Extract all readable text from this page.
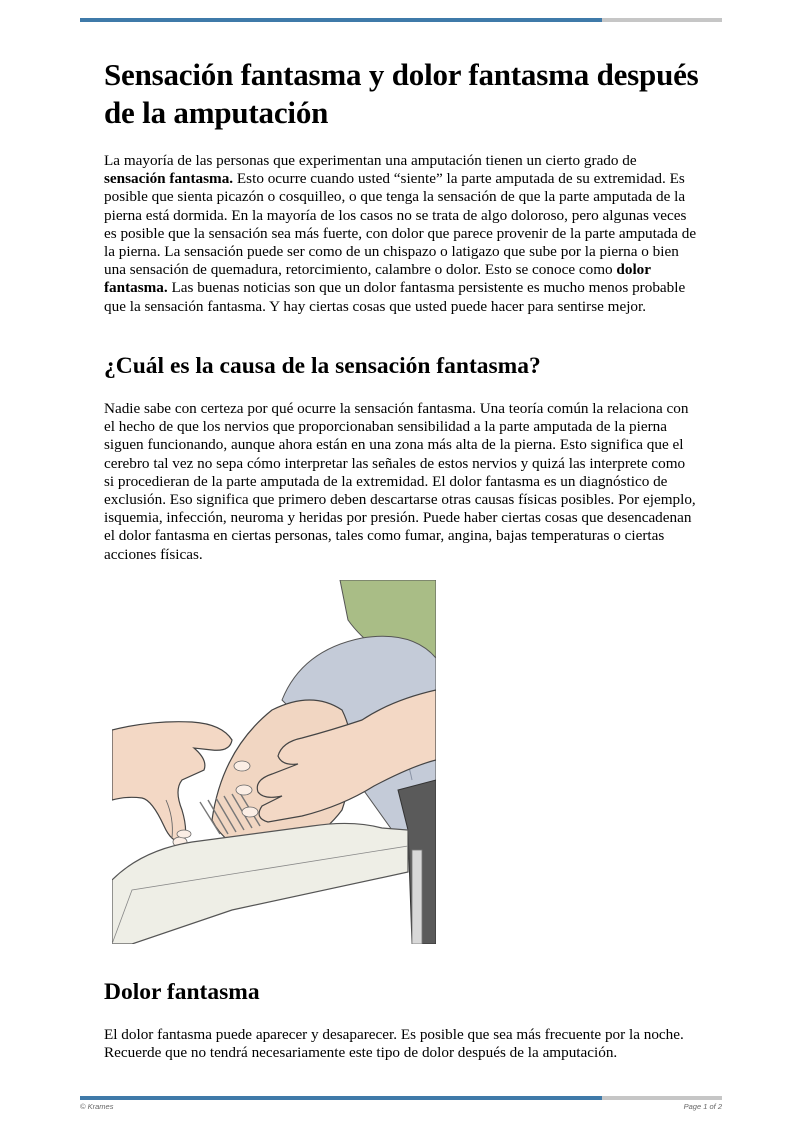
Sensación fantasma y dolor fantasma después de la amputación

La mayoría de las personas que experimentan una amputación tienen un cierto grado de sensación fantasma. Esto ocurre cuando usted “siente” la parte amputada de su extremidad. Es posible que sienta picazón o cosquilleo, o que tenga la sensación de que la parte amputada de la pierna está dormida. En la mayoría de los casos no se trata de algo doloroso, pero algunas veces es posible que la sensación sea más fuerte, con dolor que parece provenir de la parte amputada de la pierna. La sensación puede ser como de un chispazo o latigazo que sube por la pierna o bien una sensación de quemadura, retorcimiento, calambre o dolor. Esto se conoce como dolor fantasma. Las buenas noticias son que un dolor fantasma persistente es mucho menos probable que la sensación fantasma. Y hay ciertas cosas que usted puede hacer para sentirse mejor.

¿Cuál es la causa de la sensación fantasma?

Nadie sabe con certeza por qué ocurre la sensación fantasma. Una teoría común la relaciona con el hecho de que los nervios que proporcionaban sensibilidad a la parte amputada de la pierna siguen funcionando, aunque ahora están en una zona más alta de la pierna. Esto significa que el cerebro tal vez no sepa cómo interpretar las señales de estos nervios y quizá las interprete como si procedieran de la parte amputada de la extremidad. El dolor fantasma es un diagnóstico de exclusión. Eso significa que primero deben descartarse otras causas físicas posibles. Por ejemplo, isquemia, infección, neuroma y heridas por presión. Puede haber ciertas cosas que desencadenan el dolor fantasma en ciertas personas, tales como fumar, angina, bajas temperaturas o ciertas acciones físicas.

Dolor fantasma

El dolor fantasma puede aparecer y desaparecer. Es posible que sea más frecuente por la noche. Recuerde que no tendrá necesariamente este tipo de dolor después de la amputación.

© Krames	Page 1 of 2
